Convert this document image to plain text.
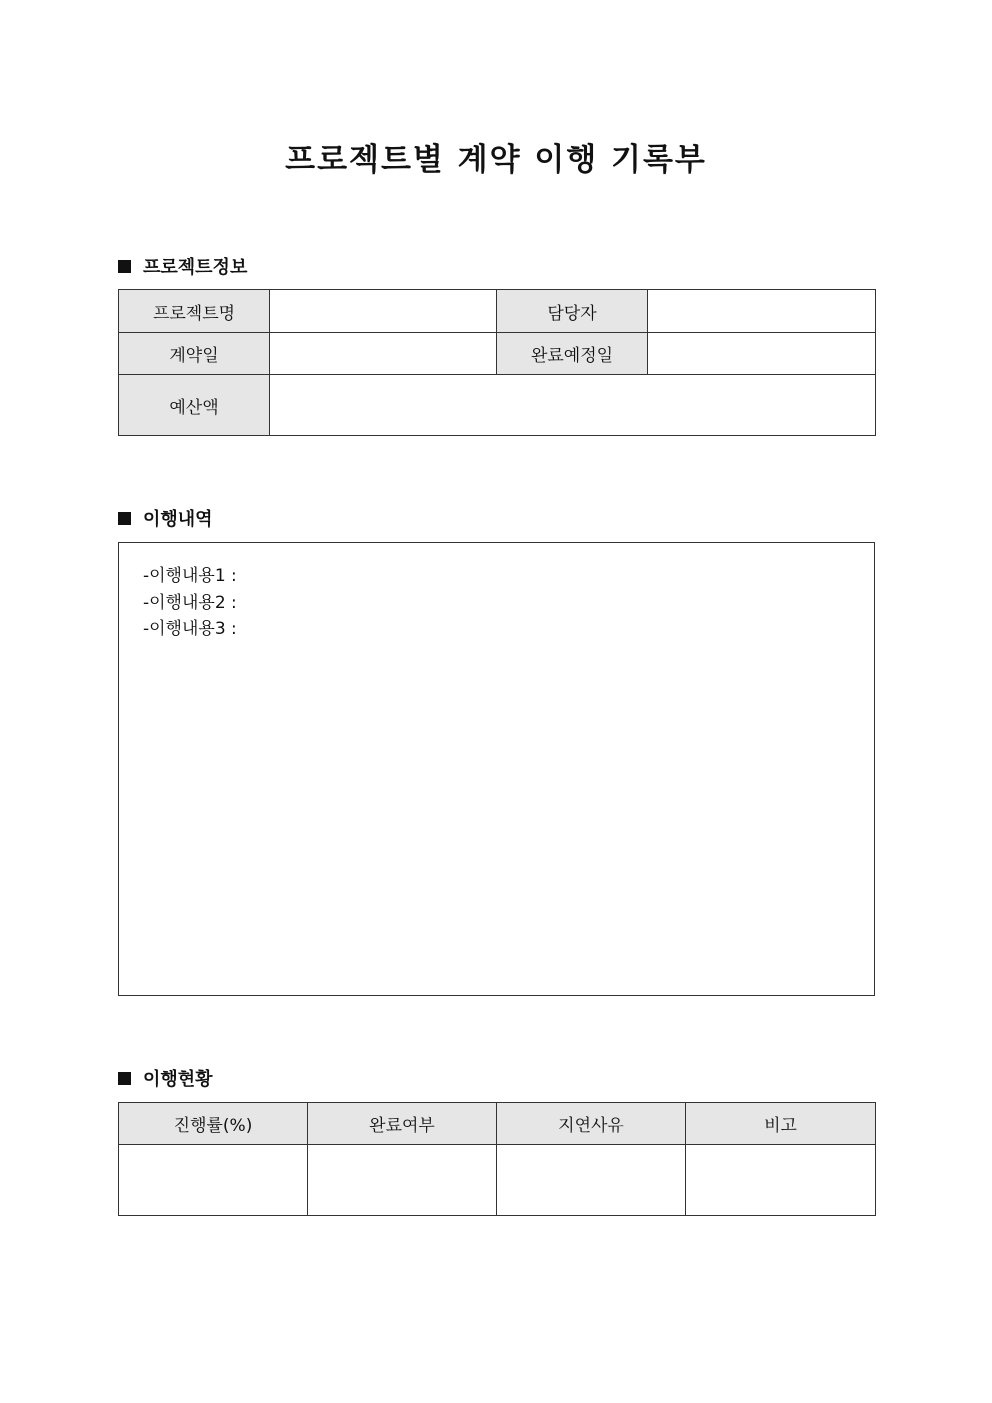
프로젝트별 계약 이행 기록부
프로젝트정보
프로젝트명		담당자	
계약일		완료예정일	
예산액			
이행내역
-이행내용1 :
-이행내용2 :
-이행내용3 :
이행현황
진행률(%)	완료여부	지연사유	비고
